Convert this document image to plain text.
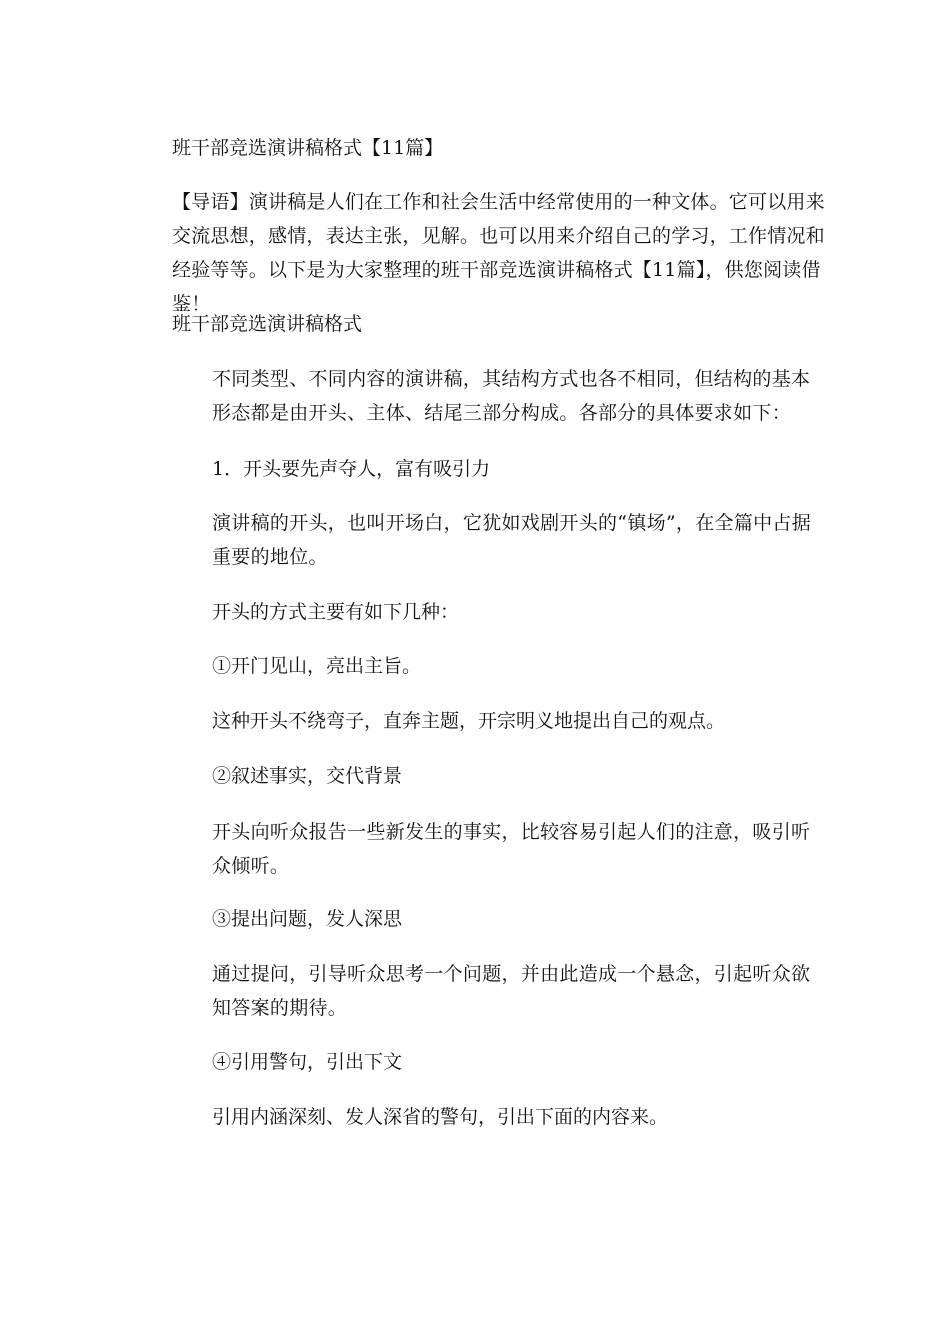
班干部竞选演讲稿格式【11篇】

【导语】演讲稿是人们在工作和社会生活中经常使用的一种文体。它可以用来交流思想，感情，表达主张，见解。也可以用来介绍自己的学习，工作情况和经验等等。以下是为大家整理的班干部竞选演讲稿格式【11篇】，供您阅读借鉴！

班干部竞选演讲稿格式

不同类型、不同内容的演讲稿，其结构方式也各不相同，但结构的基本形态都是由开头、主体、结尾三部分构成。各部分的具体要求如下：

1．开头要先声夺人，富有吸引力

演讲稿的开头，也叫开场白，它犹如戏剧开头的“镇场”，在全篇中占据重要的地位。

开头的方式主要有如下几种：

①开门见山，亮出主旨。

这种开头不绕弯子，直奔主题，开宗明义地提出自己的观点。

②叙述事实，交代背景

开头向听众报告一些新发生的事实，比较容易引起人们的注意，吸引听众倾听。

③提出问题，发人深思

通过提问，引导听众思考一个问题，并由此造成一个悬念，引起听众欲知答案的期待。

④引用警句，引出下文

引用内涵深刻、发人深省的警句，引出下面的内容来。
